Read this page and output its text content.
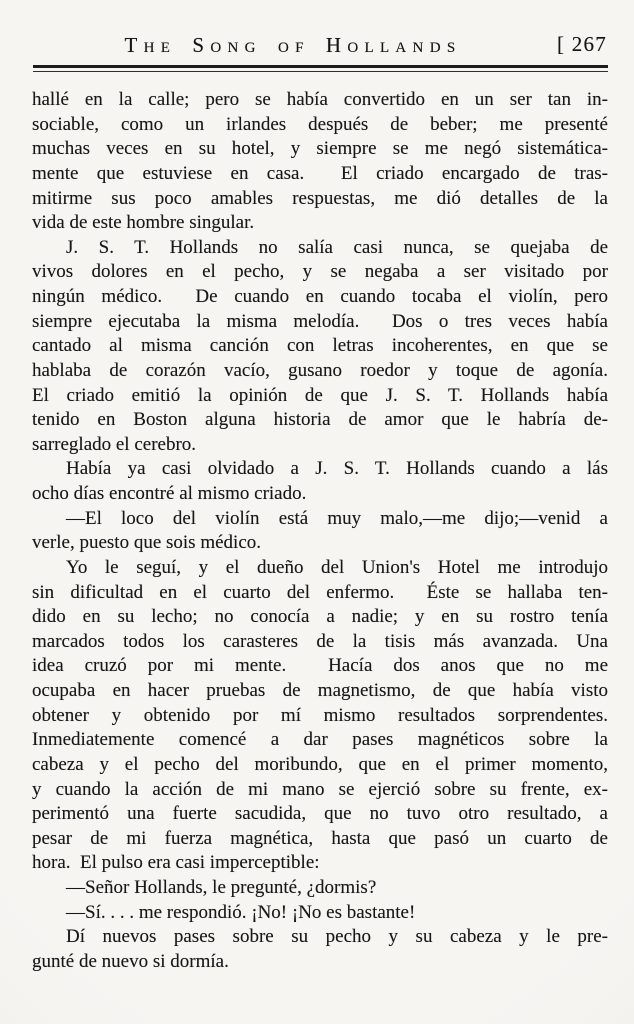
The Song of Hollands	[ 267
hallé en la calle; pero se había convertido en un ser tan in-
sociable, como un irlandes después de beber; me presenté
muchas veces en su hotel, y siempre se me negó sistemática-
mente que estuviese en casa.  El criado encargado de tras-
mitirme sus poco amables respuestas, me dió detalles de la
vida de este hombre singular.
J. S. T. Hollands no salía casi nunca, se quejaba de
vivos dolores en el pecho, y se negaba a ser visitado por
ningún médico.  De cuando en cuando tocaba el violín, pero
siempre ejecutaba la misma melodía.  Dos o tres veces había
cantado al misma canción con letras incoherentes, en que se
hablaba de corazón vacío, gusano roedor y toque de agonía.
El criado emitió la opinión de que J. S. T. Hollands había
tenido en Boston alguna historia de amor que le habría de-
sarreglado el cerebro.
Había ya casi olvidado a J. S. T. Hollands cuando a lás
ocho días encontré al mismo criado.
—El loco del violín está muy malo,—me dijo;—venid a
verle, puesto que sois médico.
Yo le seguí, y el dueño del Union's Hotel me introdujo
sin dificultad en el cuarto del enfermo.  Éste se hallaba ten-
dido en su lecho; no conocía a nadie; y en su rostro tenía
marcados todos los carasteres de la tisis más avanzada. Una
idea cruzó por mi mente.  Hacía dos anos que no me
ocupaba en hacer pruebas de magnetismo, de que había visto
obtener y obtenido por mí mismo resultados sorprendentes.
Inmediatemente comencé a dar pases magnéticos sobre la
cabeza y el pecho del moribundo, que en el primer momento,
y cuando la acción de mi mano se ejerció sobre su frente, ex-
perimentó una fuerte sacudida, que no tuvo otro resultado, a
pesar de mi fuerza magnética, hasta que pasó un cuarto de
hora.  El pulso era casi imperceptible:
—Señor Hollands, le pregunté, ¿dormis?
—Sí. . . . me respondió. ¡No! ¡No es bastante!
Dí nuevos pases sobre su pecho y su cabeza y le pre-
gunté de nuevo si dormía.
